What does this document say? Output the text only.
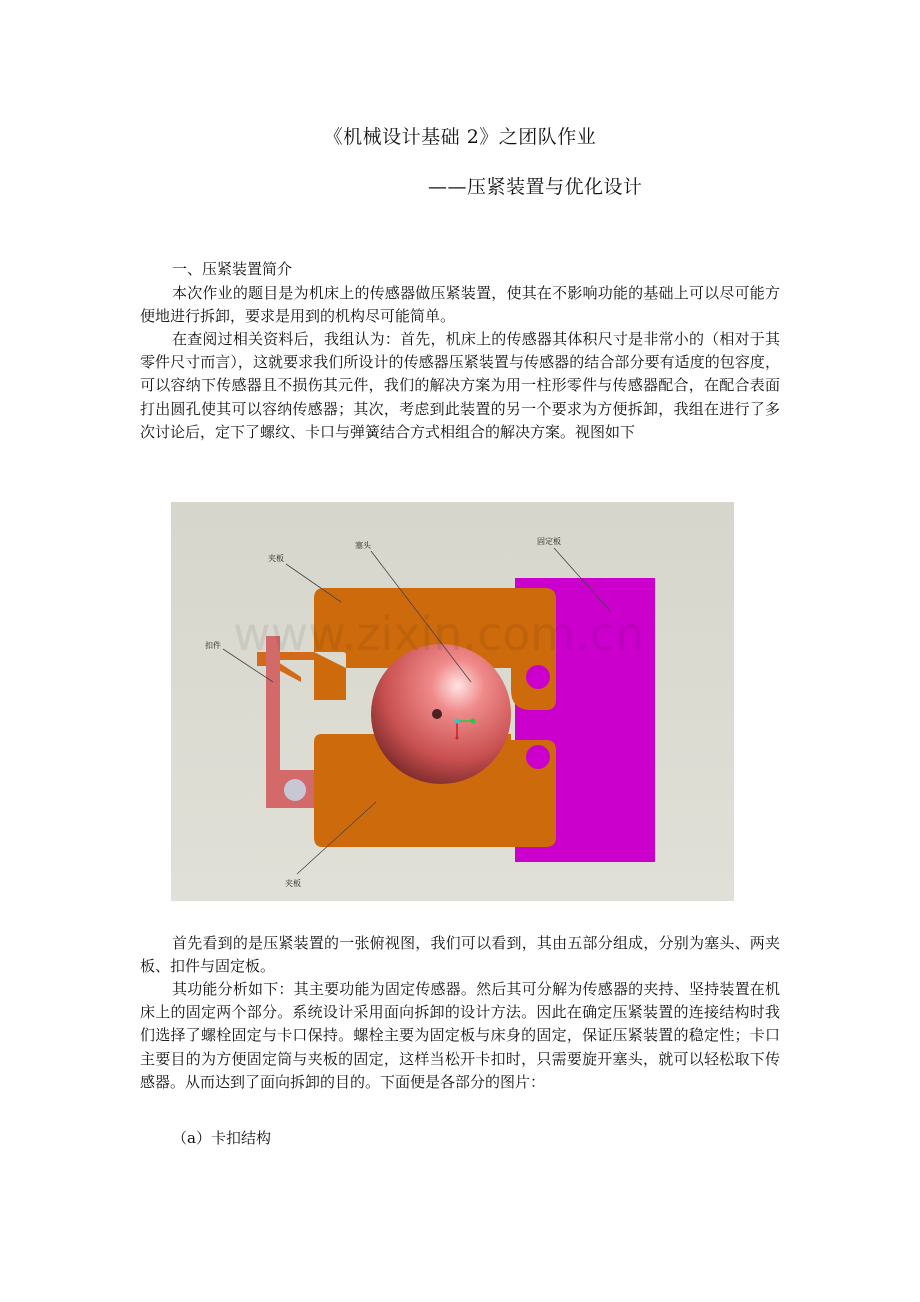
《机械设计基础 2》之团队作业
——压紧装置与优化设计
一、压紧装置简介

本次作业的题目是为机床上的传感器做压紧装置，使其在不影响功能的基础上可以尽可能方便地进行拆卸，要求是用到的机构尽可能简单。

在查阅过相关资料后，我组认为：首先，机床上的传感器其体积尺寸是非常小的（相对于其零件尺寸而言），这就要求我们所设计的传感器压紧装置与传感器的结合部分要有适度的包容度，可以容纳下传感器且不损伤其元件，我们的解决方案为用一柱形零件与传感器配合，在配合表面打出圆孔使其可以容纳传感器；其次，考虑到此装置的另一个要求为方便拆卸，我组在进行了多次讨论后，定下了螺纹、卡口与弹簧结合方式相组合的解决方案。视图如下

www.zixin.com.cn
夹板
塞头	固定板
扣件
夹板

首先看到的是压紧装置的一张俯视图，我们可以看到，其由五部分组成，分别为塞头、两夹板、扣件与固定板。

其功能分析如下：其主要功能为固定传感器。然后其可分解为传感器的夹持、坚持装置在机床上的固定两个部分。系统设计采用面向拆卸的设计方法。因此在确定压紧装置的连接结构时我们选择了螺栓固定与卡口保持。螺栓主要为固定板与床身的固定，保证压紧装置的稳定性；卡口主要目的为方便固定筒与夹板的固定，这样当松开卡扣时，只需要旋开塞头，就可以轻松取下传感器。从而达到了面向拆卸的目的。下面便是各部分的图片：

（a）卡扣结构
